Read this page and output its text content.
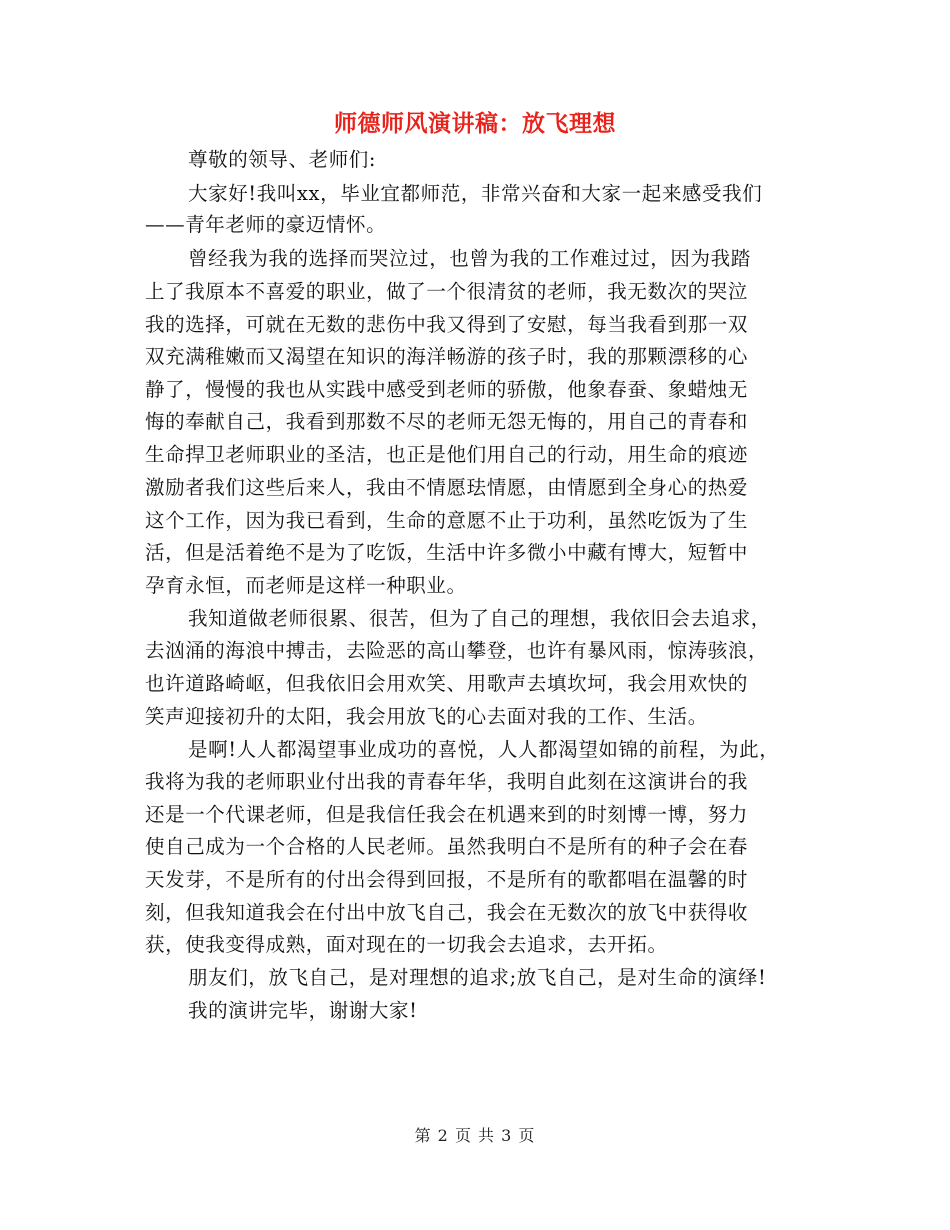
师德师风演讲稿：放飞理想
尊敬的领导、老师们:
大家好!我叫xx，毕业宜都师范，非常兴奋和大家一起来感受我们
——青年老师的豪迈情怀。
曾经我为我的选择而哭泣过，也曾为我的工作难过过，因为我踏
上了我原本不喜爱的职业，做了一个很清贫的老师，我无数次的哭泣
我的选择，可就在无数的悲伤中我又得到了安慰，每当我看到那一双
双充满稚嫩而又渴望在知识的海洋畅游的孩子时，我的那颗漂移的心
静了，慢慢的我也从实践中感受到老师的骄傲，他象春蚕、象蜡烛无
悔的奉献自己，我看到那数不尽的老师无怨无悔的，用自己的青春和
生命捍卫老师职业的圣洁，也正是他们用自己的行动，用生命的痕迹
激励者我们这些后来人，我由不情愿珐情愿，由情愿到全身心的热爱
这个工作，因为我已看到，生命的意愿不止于功利，虽然吃饭为了生
活，但是活着绝不是为了吃饭，生活中许多微小中藏有博大，短暂中
孕育永恒，而老师是这样一种职业。
我知道做老师很累、很苦，但为了自己的理想，我依旧会去追求，
去汹涌的海浪中搏击，去险恶的高山攀登，也许有暴风雨，惊涛骇浪，
也许道路崎岖，但我依旧会用欢笑、用歌声去填坎坷，我会用欢快的
笑声迎接初升的太阳，我会用放飞的心去面对我的工作、生活。
是啊!人人都渴望事业成功的喜悦，人人都渴望如锦的前程，为此，
我将为我的老师职业付出我的青春年华，我明自此刻在这演讲台的我
还是一个代课老师，但是我信任我会在机遇来到的时刻博一博，努力
使自己成为一个合格的人民老师。虽然我明白不是所有的种子会在春
天发芽，不是所有的付出会得到回报，不是所有的歌都唱在温馨的时
刻，但我知道我会在付出中放飞自己，我会在无数次的放飞中获得收
获，使我变得成熟，面对现在的一切我会去追求，去开拓。
朋友们，放飞自己，是对理想的追求;放飞自己，是对生命的演绎!
我的演讲完毕，谢谢大家!
第 2 页 共 3 页
